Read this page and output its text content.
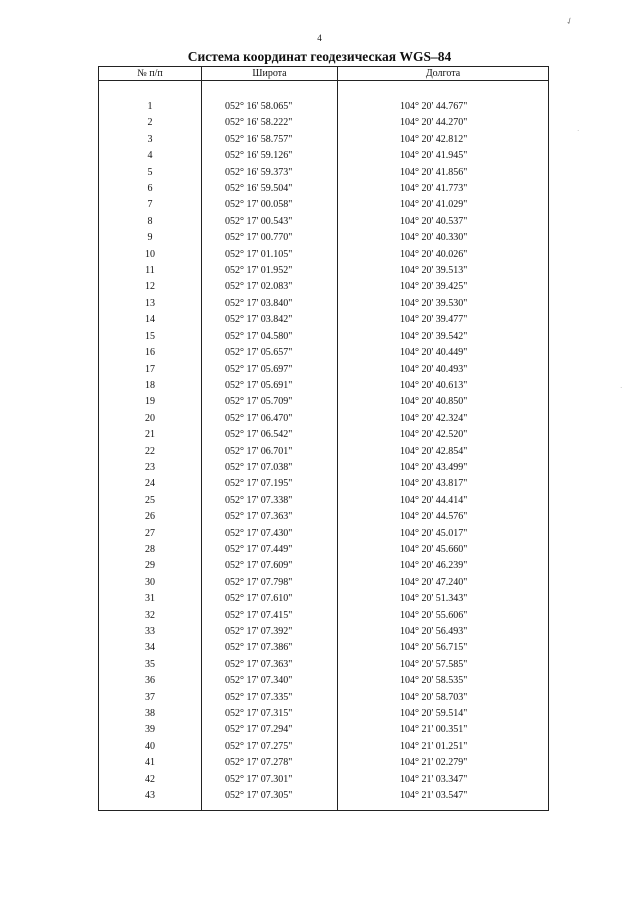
4
✓
·
·
Система координат геодезическая WGS–84
№ п/п	Широта	Долгота

1	052° 16' 58.065"	104° 20' 44.767"
2	052° 16' 58.222"	104° 20' 44.270"
3	052° 16' 58.757"	104° 20' 42.812"
4	052° 16' 59.126"	104° 20' 41.945"
5	052° 16' 59.373"	104° 20' 41.856"
6	052° 16' 59.504"	104° 20' 41.773"
7	052° 17' 00.058"	104° 20' 41.029"
8	052° 17' 00.543"	104° 20' 40.537"
9	052° 17' 00.770"	104° 20' 40.330"
10	052° 17' 01.105"	104° 20' 40.026"
11	052° 17' 01.952"	104° 20' 39.513"
12	052° 17' 02.083"	104° 20' 39.425"
13	052° 17' 03.840"	104° 20' 39.530"
14	052° 17' 03.842"	104° 20' 39.477"
15	052° 17' 04.580"	104° 20' 39.542"
16	052° 17' 05.657"	104° 20' 40.449"
17	052° 17' 05.697"	104° 20' 40.493"
18	052° 17' 05.691"	104° 20' 40.613"
19	052° 17' 05.709"	104° 20' 40.850"
20	052° 17' 06.470"	104° 20' 42.324"
21	052° 17' 06.542"	104° 20' 42.520"
22	052° 17' 06.701"	104° 20' 42.854"
23	052° 17' 07.038"	104° 20' 43.499"
24	052° 17' 07.195"	104° 20' 43.817"
25	052° 17' 07.338"	104° 20' 44.414"
26	052° 17' 07.363"	104° 20' 44.576"
27	052° 17' 07.430"	104° 20' 45.017"
28	052° 17' 07.449"	104° 20' 45.660"
29	052° 17' 07.609"	104° 20' 46.239"
30	052° 17' 07.798"	104° 20' 47.240"
31	052° 17' 07.610"	104° 20' 51.343"
32	052° 17' 07.415"	104° 20' 55.606"
33	052° 17' 07.392"	104° 20' 56.493"
34	052° 17' 07.386"	104° 20' 56.715"
35	052° 17' 07.363"	104° 20' 57.585"
36	052° 17' 07.340"	104° 20' 58.535"
37	052° 17' 07.335"	104° 20' 58.703"
38	052° 17' 07.315"	104° 20' 59.514"
39	052° 17' 07.294"	104° 21' 00.351"
40	052° 17' 07.275"	104° 21' 01.251"
41	052° 17' 07.278"	104° 21' 02.279"
42	052° 17' 07.301"	104° 21' 03.347"
43	052° 17' 07.305"	104° 21' 03.547"
